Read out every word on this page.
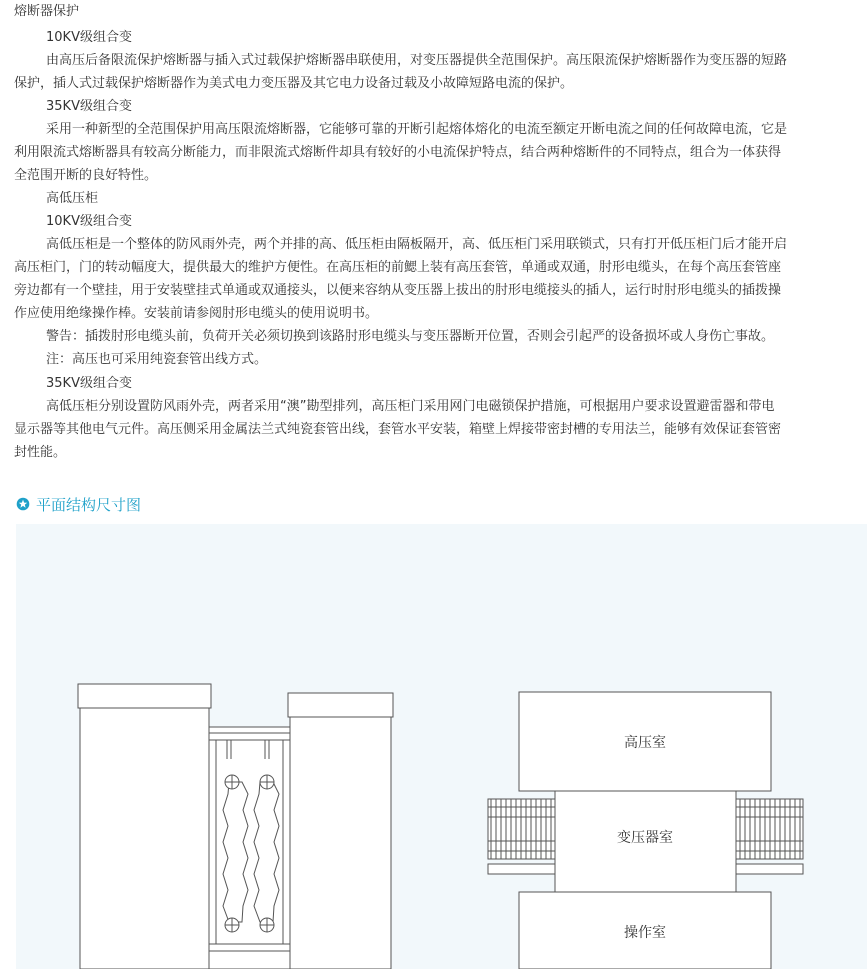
熔断器保护
10KV级组合变
由高压后备限流保护熔断器与插入式过载保护熔断器串联使用，对变压器提供全范围保护。高压限流保护熔断器作为变压器的短路
保护，插人式过载保护熔断器作为美式电力变压器及其它电力设备过载及小故障短路电流的保护。
35KV级组合变
采用一种新型的全范围保护用高压限流熔断器，它能够可靠的开断引起熔体熔化的电流至额定开断电流之间的任何故障电流，它是
利用限流式熔断器具有较高分断能力，而非限流式熔断件却具有较好的小电流保护特点，结合两种熔断件的不同特点，组合为一体获得
全范围开断的良好特性。
高低压柜
10KV级组合变
高低压柜是一个整体的防风雨外壳，两个并排的高、低压柜由隔板隔开，高、低压柜门采用联锁式，只有打开低压柜门后才能开启
高压柜门，门的转动幅度大，提供最大的维护方便性。在高压柜的前鰓上装有高压套管，单通或双通，肘形电缆头，在每个高压套管座
旁边都有一个壁挂，用于安装壁挂式单通或双通接头，以便来容纳从变压器上拔出的肘形电缆接头的插人，运行时肘形电缆头的插拨操
作应使用绝缘操作棒。安装前请参阅肘形电缆头的使用说明书。
警告：插拨肘形电缆头前，负荷开关必须切换到该路肘形电缆头与变压器断开位置，否则会引起严的设备损坏或人身伤亡事故。
注：高压也可采用纯瓷套管出线方式。
35KV级组合变
高低压柜分别设置防风雨外壳，两者采用“澳”勘型排列，高压柜门采用网门电磁锁保护措施，可根据用户要求设置避雷器和带电
显示器等其他电气元件。高压侧采用金属法兰式纯瓷套管出线，套管水平安装，箱壁上焊接带密封槽的专用法兰，能够有效保证套管密
封性能。
平面结构尺寸图
高压室
变压器室
操作室
